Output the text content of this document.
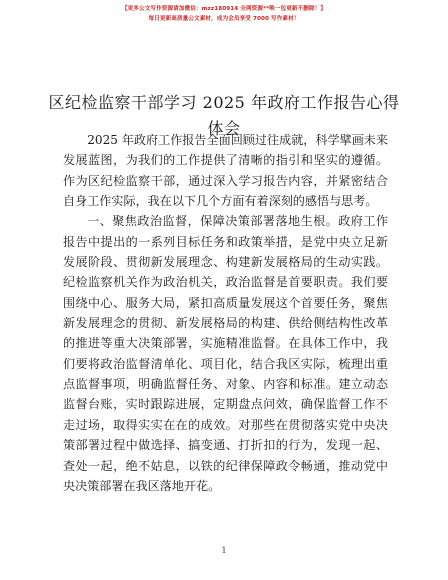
【更多公文写作资源请加微信：mzz180914 全网资源**唯一包更新不删除！】
每日更新高质量公文素材，成为会员享受 7000 写作素材！
区纪检监察干部学习 2025 年政府工作报告心得体会

2025 年政府工作报告全面回顾过往成就，科学擘画未来发展蓝图，为我们的工作提供了清晰的指引和坚实的遵循。作为区纪检监察干部，通过深入学习报告内容，并紧密结合自身工作实际，我在以下几个方面有着深刻的感悟与思考。

一、聚焦政治监督，保障决策部署落地生根。政府工作报告中提出的一系列目标任务和政策举措，是党中央立足新发展阶段、贯彻新发展理念、构建新发展格局的生动实践。纪检监察机关作为政治机关，政治监督是首要职责。我们要围绕中心、服务大局，紧扣高质量发展这个首要任务，聚焦新发展理念的贯彻、新发展格局的构建、供给侧结构性改革的推进等重大决策部署，实施精准监督。在具体工作中，我们要将政治监督清单化、项目化，结合我区实际，梳理出重点监督事项，明确监督任务、对象、内容和标准。建立动态监督台账，实时跟踪进展，定期盘点问效，确保监督工作不走过场，取得实实在在的成效。对那些在贯彻落实党中央决策部署过程中做选择、搞变通、打折扣的行为，发现一起、查处一起，绝不姑息，以铁的纪律保障政令畅通，推动党中央决策部署在我区落地开花。

1
